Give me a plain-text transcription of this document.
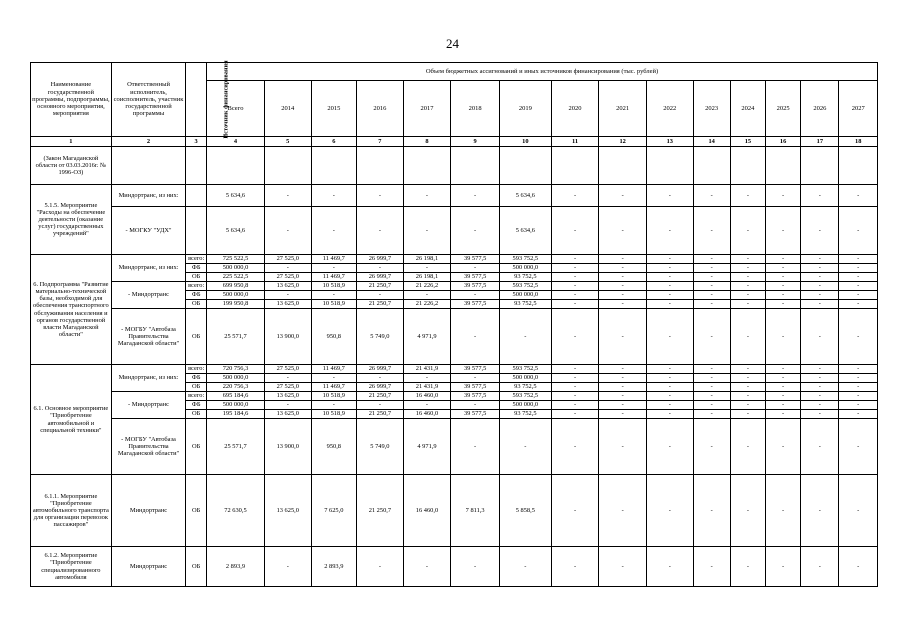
24
Наименование государственной программы, подпрограммы, основного мероприятия, мероприятия	Ответственный исполнитель, соисполнитель, участник государственной программы	Источник финансирования	Объем бюджетных ассигнований и иных источников финансирования (тыс. рублей)														
			Всего	2014	2015	2016	2017	2018	2019	2020	2021	2022	2023	2024	2025	2026	2027
1	2	3	4	5	6	7	8	9	10	11	12	13	14	15	16	17	18
(Закон Магаданской области от 03.03.2016г. № 1996-ОЗ)																	
5.1.5. Мероприятие "Расходы на обеспечение деятельности (оказание услуг) государственных учреждений"	Миндортранс, из них:		5 634,6	-	-	-	-	-	5 634,6	-	-	-	-	-	-	-	-
	- МОГКУ "УДХ"		5 634,6	-	-	-	-	-	5 634,6	-	-	-	-	-	-	-	-
6. Подпрограмма "Развитие материально-технической базы, необходимой для обеспечения транспортного обслуживания населения и органов государственной власти Магаданской области"	Миндортранс, из них:	всего:	725 522,5	27 525,0	11 469,7	26 999,7	26 198,1	39 577,5	593 752,5	-	-	-	-	-	-	-	-
		ФБ	500 000,0	-	-	-	-	-	500 000,0	-	-	-	-	-	-	-	-
		ОБ	225 522,5	27 525,0	11 469,7	26 999,7	26 198,1	39 577,5	93 752,5	-	-	-	-	-	-	-	-
	- Миндортранс	всего:	699 950,8	13 625,0	10 518,9	21 250,7	21 226,2	39 577,5	593 752,5	-	-	-	-	-	-	-	-
		ФБ	500 000,0	-	-	-	-	-	500 000,0	-	-	-	-	-	-	-	-
		ОБ	199 950,8	13 625,0	10 518,9	21 250,7	21 226,2	39 577,5	93 752,5	-	-	-	-	-	-	-	-
	- МОГБУ "Автобаза Правительства Магаданской области"	ОБ	25 571,7	13 900,0	950,8	5 749,0	4 971,9	-	-	-	-	-	-	-	-	-	-
6.1. Основное мероприятие "Приобретение автомобильной и специальной техники"	Миндортранс, из них:	всего:	720 756,3	27 525,0	11 469,7	26 999,7	21 431,9	39 577,5	593 752,5	-	-	-	-	-	-	-	-
		ФБ	500 000,0	-	-	-	-	-	500 000,0	-	-	-	-	-	-	-	-
		ОБ	220 756,3	27 525,0	11 469,7	26 999,7	21 431,9	39 577,5	93 752,5	-	-	-	-	-	-	-	-
	- Миндортранс	всего:	695 184,6	13 625,0	10 518,9	21 250,7	16 460,0	39 577,5	593 752,5	-	-	-	-	-	-	-	-
		ФБ	500 000,0	-	-	-	-	-	500 000,0	-	-	-	-	-	-	-	-
		ОБ	195 184,6	13 625,0	10 518,9	21 250,7	16 460,0	39 577,5	93 752,5	-	-	-	-	-	-	-	-
	- МОГБУ "Автобаза Правительства Магаданской области"	ОБ	25 571,7	13 900,0	950,8	5 749,0	4 971,9	-	-	-	-	-	-	-	-	-	-
6.1.1. Мероприятие "Приобретение автомобильного транспорта для организации перевозок пассажиров"	Миндортранс	ОБ	72 630,5	13 625,0	7 625,0	21 250,7	16 460,0	7 811,3	5 858,5	-	-	-	-	-	-	-	-
6.1.2. Мероприятие "Приобретение специализированного автомобиля	Миндортранс	ОБ	2 893,9	-	2 893,9	-	-	-	-	-	-	-	-	-	-	-	-
